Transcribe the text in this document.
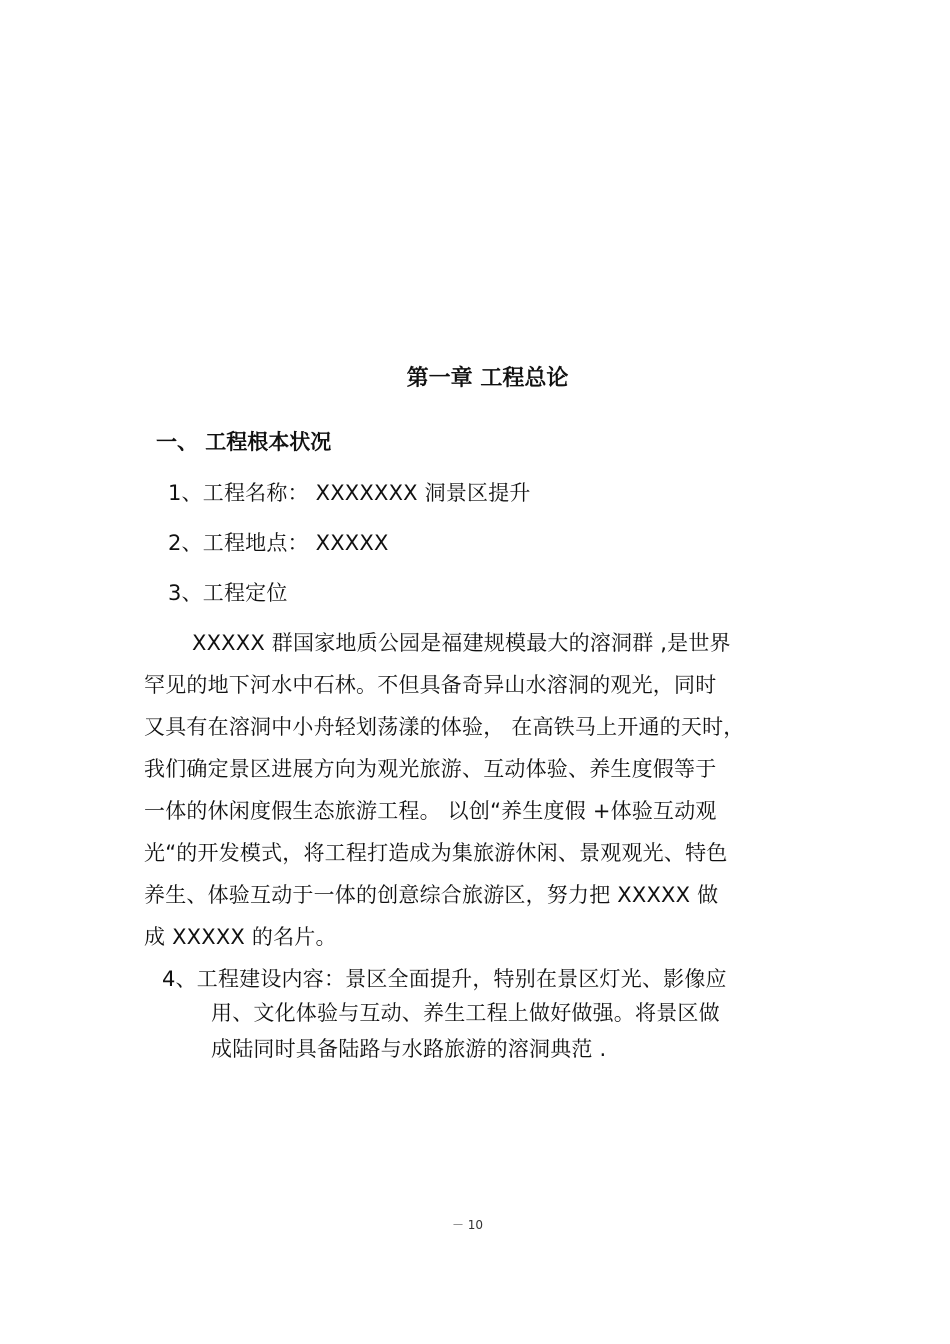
第一章 工程总论
一、 工程根本状况
1、工程名称： XXXXXXX 洞景区提升
2、工程地点： XXXXX
3、工程定位
XXXXX 群国家地质公园是福建规模最大的溶洞群 ,是世界
罕见的地下河水中石林。不但具备奇异山水溶洞的观光，同时
又具有在溶洞中小舟轻划荡漾的体验， 在高铁马上开通的天时，
我们确定景区进展方向为观光旅游、互动体验、养生度假等于
一体的休闲度假生态旅游工程。 以创“养生度假 +体验互动观
光“的开发模式，将工程打造成为集旅游休闲、景观观光、特色
养生、体验互动于一体的创意综合旅游区，努力把 XXXXX 做
成 XXXXX 的名片。
4、工程建设内容：景区全面提升，特别在景区灯光、影像应
用、文化体验与互动、养生工程上做好做强。将景区做
成陆同时具备陆路与水路旅游的溶洞典范 .
－ 10
